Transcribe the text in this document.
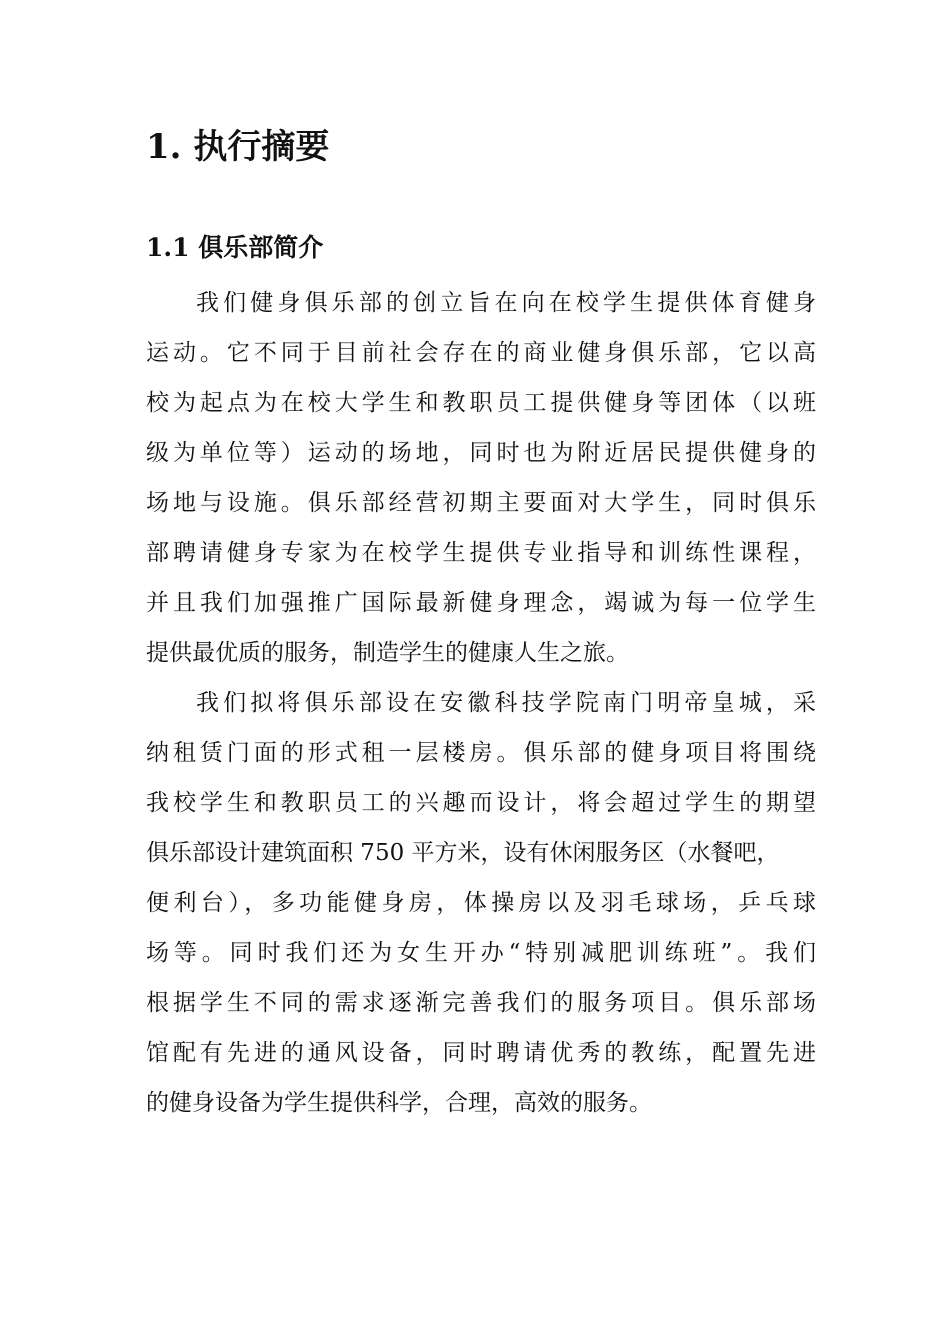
1. 执行摘要
1.1 俱乐部简介
我们健身俱乐部的创立旨在向在校学生提供体育健身
运动。它不同于目前社会存在的商业健身俱乐部，它以高
校为起点为在校大学生和教职员工提供健身等团体（以班
级为单位等）运动的场地，同时也为附近居民提供健身的
场地与设施。俱乐部经营初期主要面对大学生，同时俱乐
部聘请健身专家为在校学生提供专业指导和训练性课程，
并且我们加强推广国际最新健身理念，竭诚为每一位学生
提供最优质的服务，制造学生的健康人生之旅。
我们拟将俱乐部设在安徽科技学院南门明帝皇城，采
纳租赁门面的形式租一层楼房。俱乐部的健身项目将围绕
我校学生和教职员工的兴趣而设计，将会超过学生的期望
俱乐部设计建筑面积 750 平方米，设有休闲服务区（水餐吧，
便利台），多功能健身房，体操房以及羽毛球场，乒乓球
场等。同时我们还为女生开办“特别减肥训练班”。我们
根据学生不同的需求逐渐完善我们的服务项目。俱乐部场
馆配有先进的通风设备，同时聘请优秀的教练，配置先进
的健身设备为学生提供科学，合理，高效的服务。
